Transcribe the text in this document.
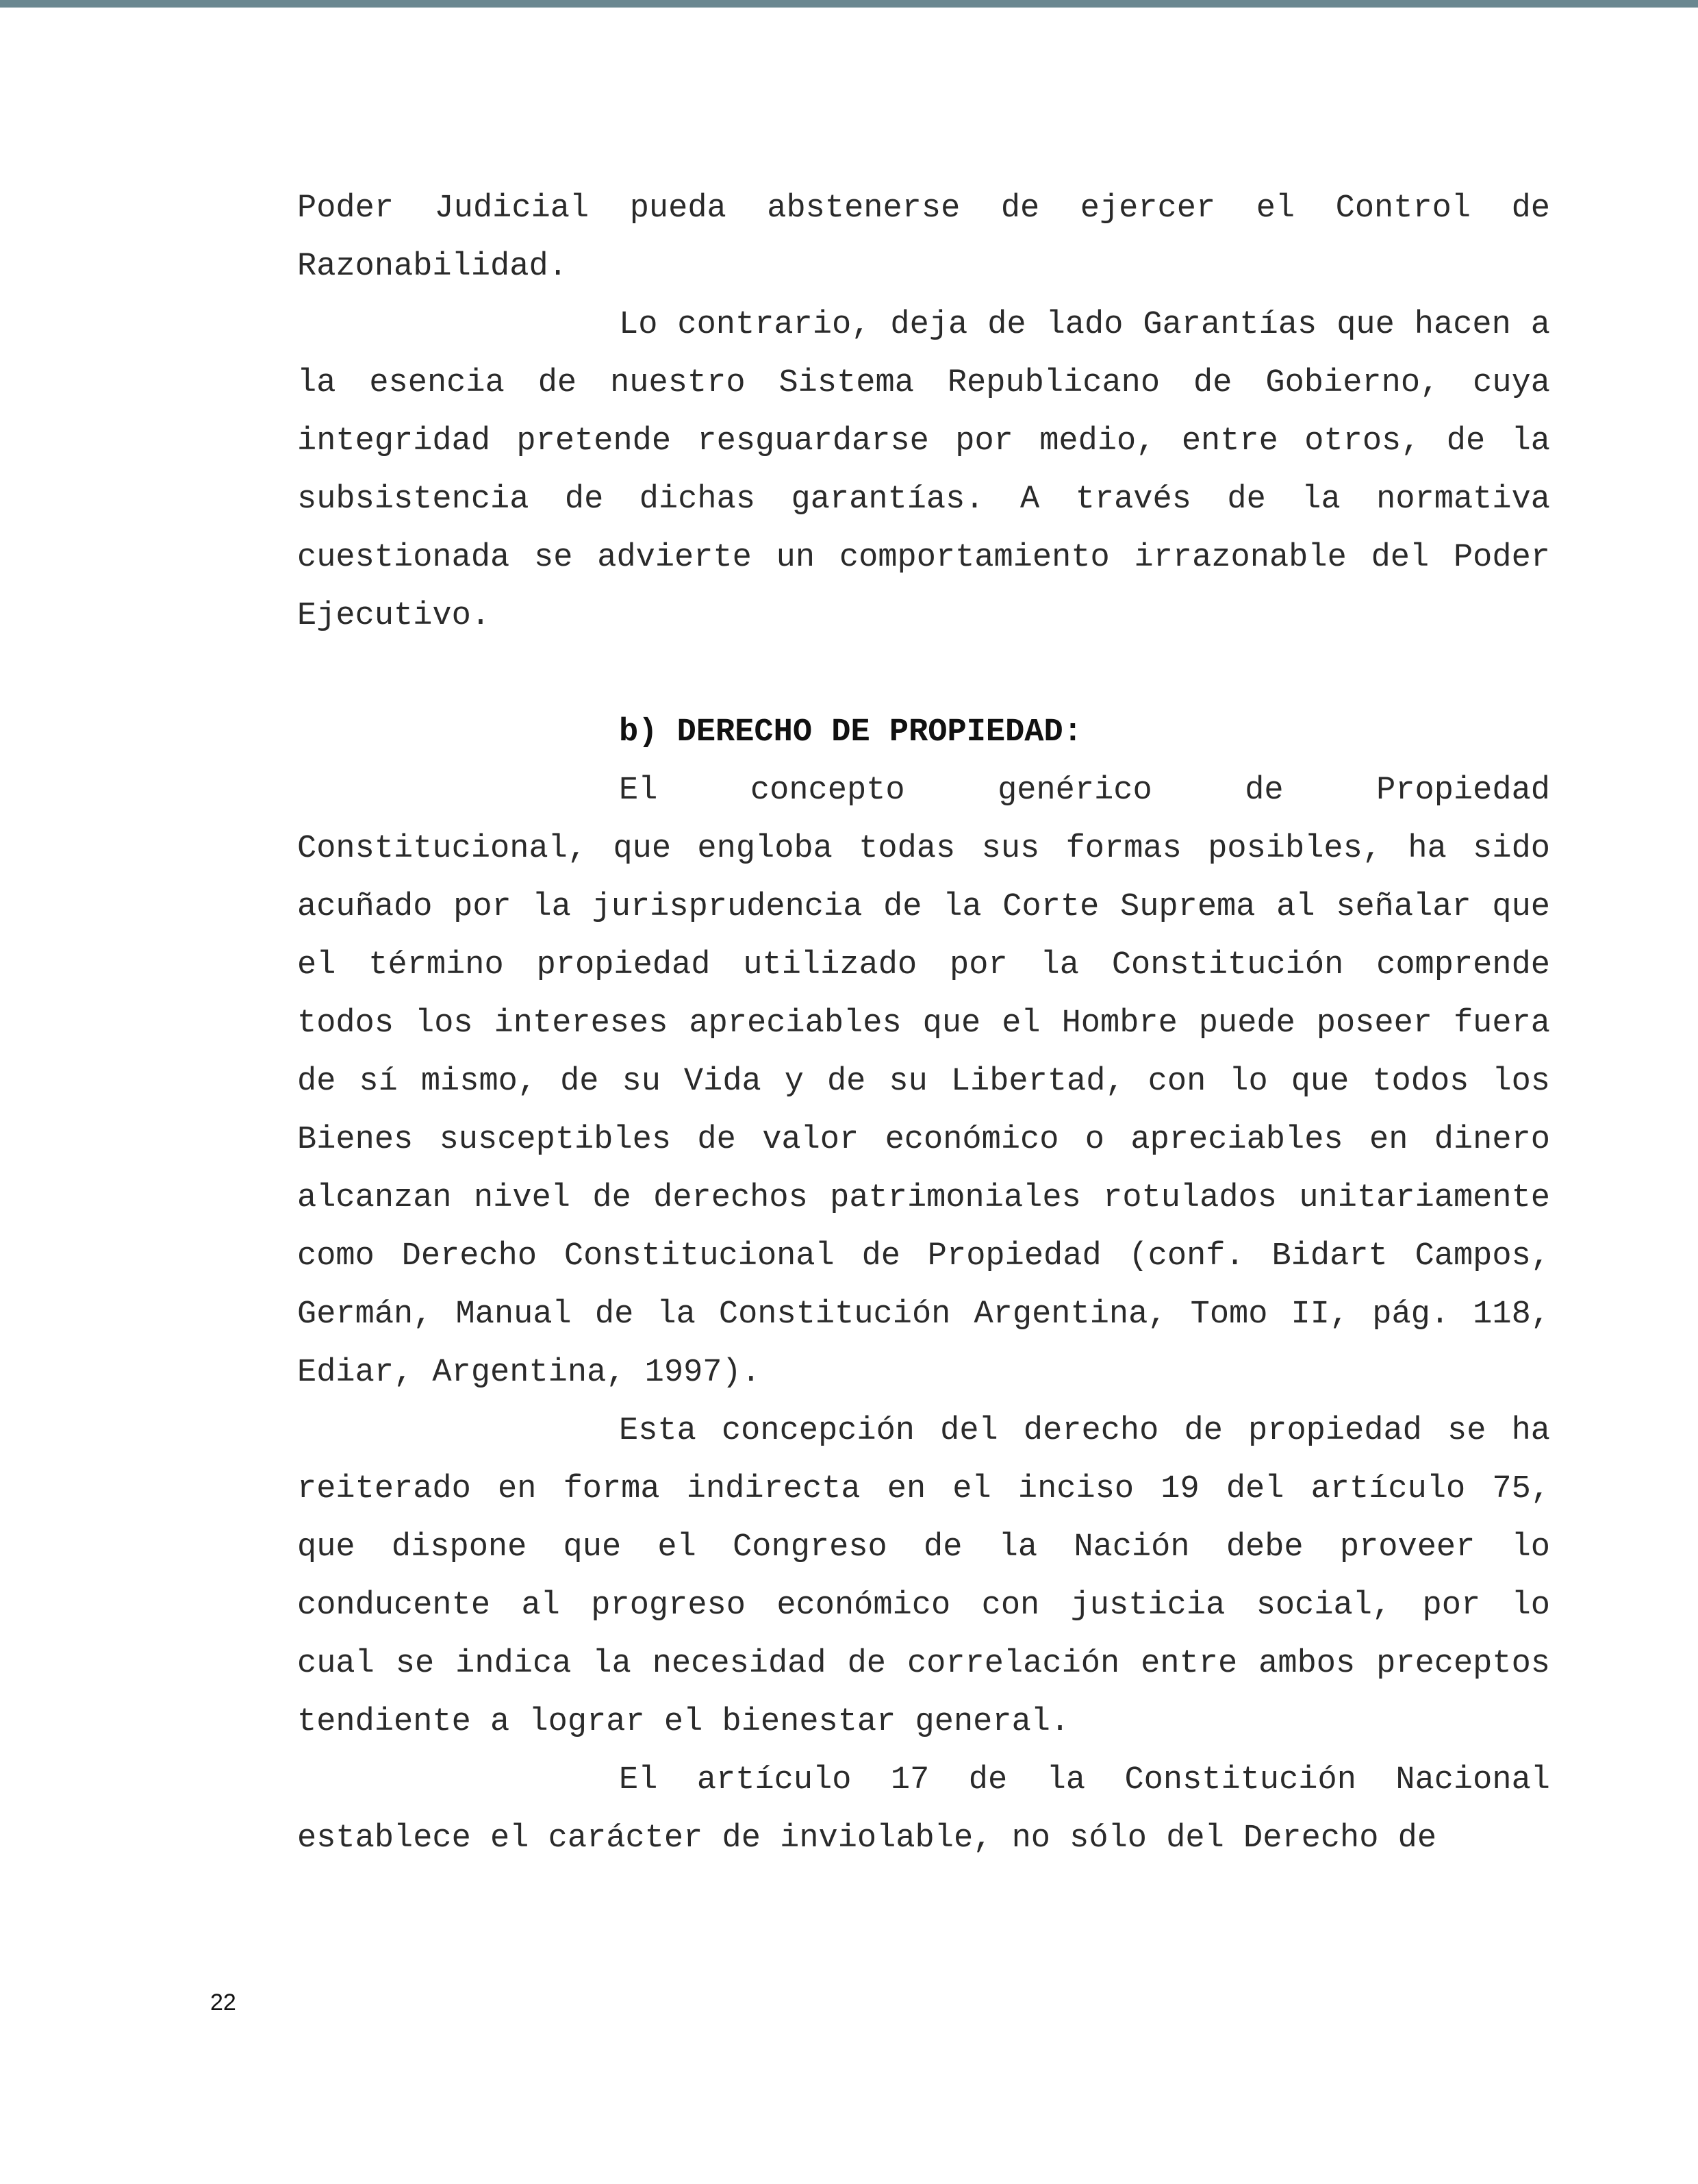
Poder Judicial pueda abstenerse de ejercer el Control de Razonabilidad.

Lo contrario, deja de lado Garantías que hacen a la esencia de nuestro Sistema Republicano de Gobierno, cuya integridad pretende resguardarse por medio, entre otros, de la subsistencia de dichas garantías. A través de la normativa cuestionada se advierte un comportamiento irrazonable del Poder Ejecutivo.

b) DERECHO DE PROPIEDAD:

El concepto genérico de Propiedad Constitucional, que engloba todas sus formas posibles, ha sido acuñado por la jurisprudencia de la Corte Suprema al señalar que el término propiedad utilizado por la Constitución comprende todos los intereses apreciables que el Hombre puede poseer fuera de sí mismo, de su Vida y de su Libertad, con lo que todos los Bienes susceptibles de valor económico o apreciables en dinero alcanzan nivel de derechos patrimoniales rotulados unitariamente como Derecho Constitucional de Propiedad (conf. Bidart Campos, Germán, Manual de la Constitución Argentina, Tomo II, pág. 118, Ediar, Argentina, 1997).

Esta concepción del derecho de propiedad se ha reiterado en forma indirecta en el inciso 19 del artículo 75, que dispone que el Congreso de la Nación debe proveer lo conducente al progreso económico con justicia social, por lo cual se indica la necesidad de correlación entre ambos preceptos tendiente a lograr el bienestar general.

El artículo 17 de la Constitución Nacional establece el carácter de inviolable, no sólo del Derecho de

22
